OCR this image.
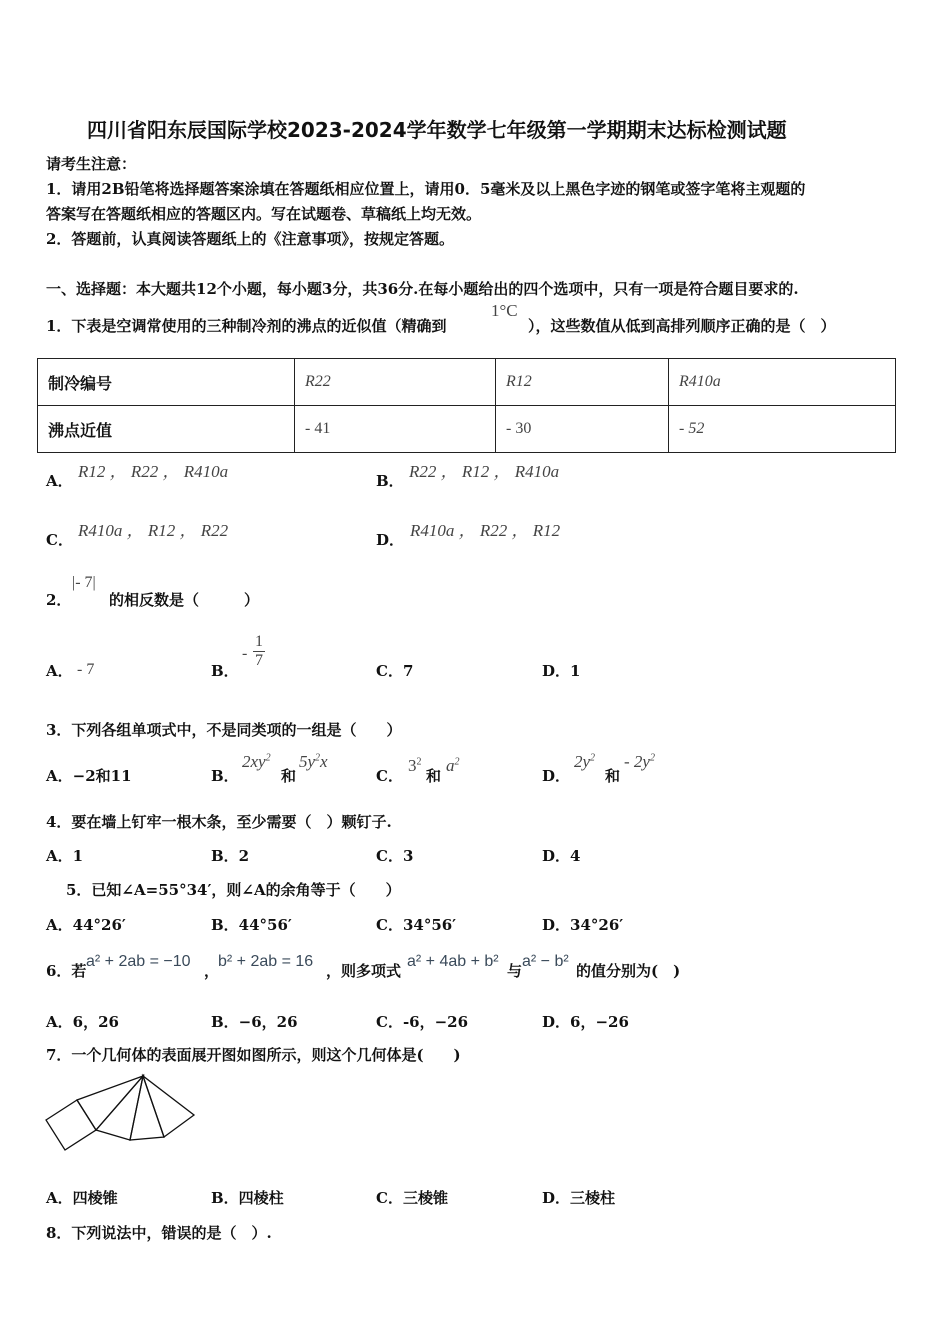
四川省阳东辰国际学校2023-2024学年数学七年级第一学期期末达标检测试题
请考生注意：
1．请用2B铅笔将选择题答案涂填在答题纸相应位置上，请用0．5毫米及以上黑色字迹的钢笔或签字笔将主观题的
答案写在答题纸相应的答题区内。写在试题卷、草稿纸上均无效。
2．答题前，认真阅读答题纸上的《注意事项》，按规定答题。
一、选择题：本大题共12个小题，每小题3分，共36分.在每小题给出的四个选项中，只有一项是符合题目要求的.
1．下表是空调常使用的三种制冷剂的沸点的近似值（精确到
1°C
），这些数值从低到高排列顺序正确的是（　）
制冷编号	R22	R12	R410a
沸点近值	- 41	- 30	- 52
A． R12 ， R22 ， R410a	B． R22 ， R12 ， R410a
C． R410a ， R12 ， R22	D． R410a ， R22 ， R12
2．
|- 7|
的相反数是（　　　）
A． - 7	B．
- $\frac{1}{7}$
C．7	D．1
3．下列各组单项式中，不是同类项的一组是（　　）
A．−2和11	B．
$2xy^2$
和
$5y^2x$
C．
$3^2$
和
$a^2$
D．
$2y^2$
和
- $2y^2$
4．要在墙上钉牢一根木条，至少需要（　）颗钉子.
A．1	B．2	C．3	D．4
5．已知∠A=55°34′，则∠A的余角等于（　　）
A．44°26′	B．44°56′	C．34°56′	D．34°26′
6．若
a² + 2ab = −10
，
b² + 2ab = 16
，则多项式
a² + 4ab + b²
与
a² − b²
的值分别为(　)
A．6，26	B．−6，26	C．-6，−26	D．6，−26
7．一个几何体的表面展开图如图所示，则这个几何体是(　　)
A．四棱锥	B．四棱柱	C．三棱锥	D．三棱柱
8．下列说法中，错误的是（　）.
